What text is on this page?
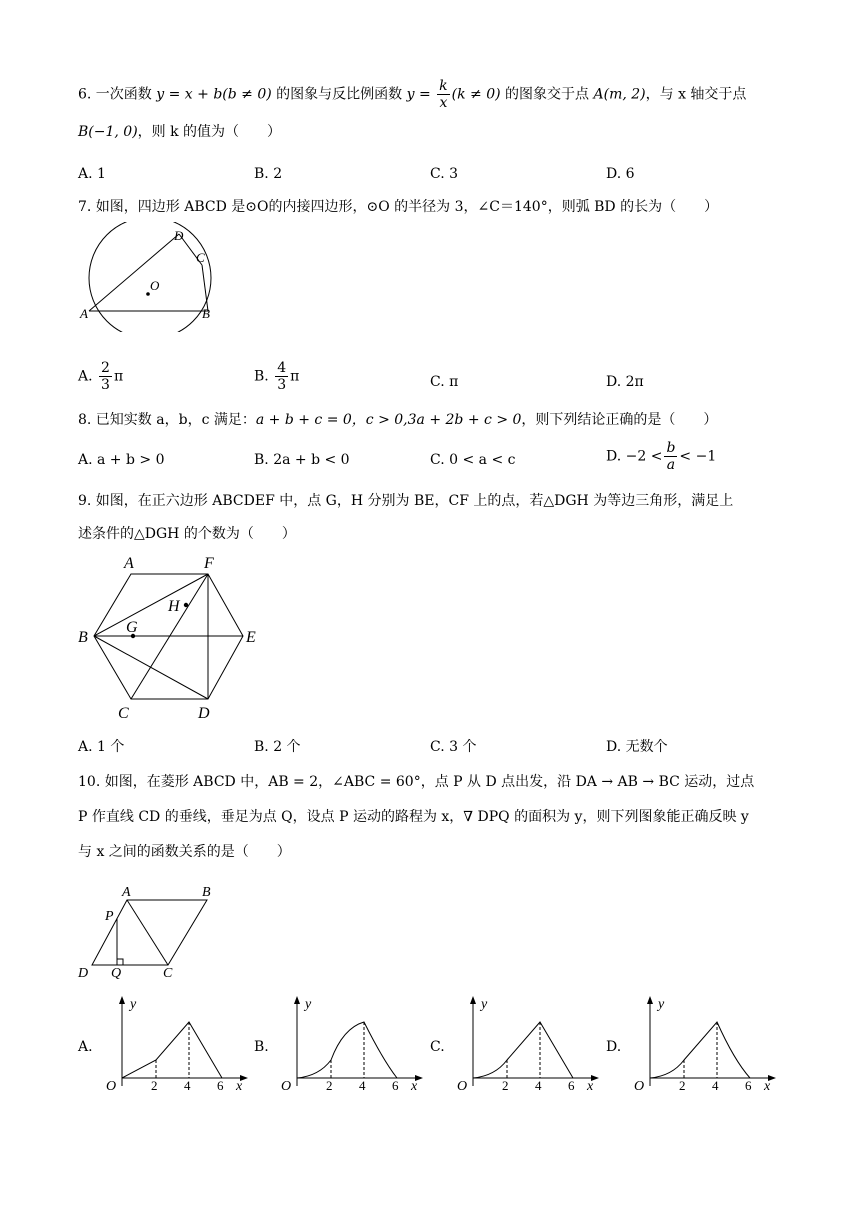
6. 一次函数 y = x + b(b ≠ 0) 的图象与反比例函数 $y = \frac{k}{x} (k \ne 0)$ 的图象交于点 A(m, 2)，与 x 轴交于点
B(−1, 0)，则 k 的值为（　　）
A. 1	B. 2	C. 3	D. 6
7. 如图，四边形 ABCD 是⊙O的内接四边形，⊙O 的半径为 3，∠C＝140°，则弧 BD 的长为（　　）
O
A	B
C
D
A. $\frac{2}{3}$ π	B. $\frac{4}{3}$ π	C. π	D. 2π
8. 已知实数 a，b，c 满足：a + b + c = 0，c > 0,3a + 2b + c > 0，则下列结论正确的是（　　）
A. a + b > 0	B. 2a + b < 0	C. 0 < a < c	D. $-2 < \frac{b}{a} < -1$
9. 如图，在正六边形 ABCDEF 中，点 G，H 分别为 BE，CF 上的点，若△DGH 为等边三角形，满足上
述条件的△DGH 的个数为（　　）
A	F
B	E
C	D
G
H
A. 1 个	B. 2 个	C. 3 个	D. 无数个
10. 如图，在菱形 ABCD 中，AB = 2，∠ABC = 60°，点 P 从 D 点出发，沿 DA → AB → BC 运动，过点
P 作直线 CD 的垂线，垂足为点 Q，设点 P 运动的路程为 x，∇ DPQ 的面积为 y，则下列图象能正确反映 y
与 x 之间的函数关系的是（　　）
A	B
D	C
P
Q
A.	B.	C.	D.
y
x
O	2 4 6
y
x
O	2 4 6
y
x
O	2 4 6
y
x
O	2 4 6
